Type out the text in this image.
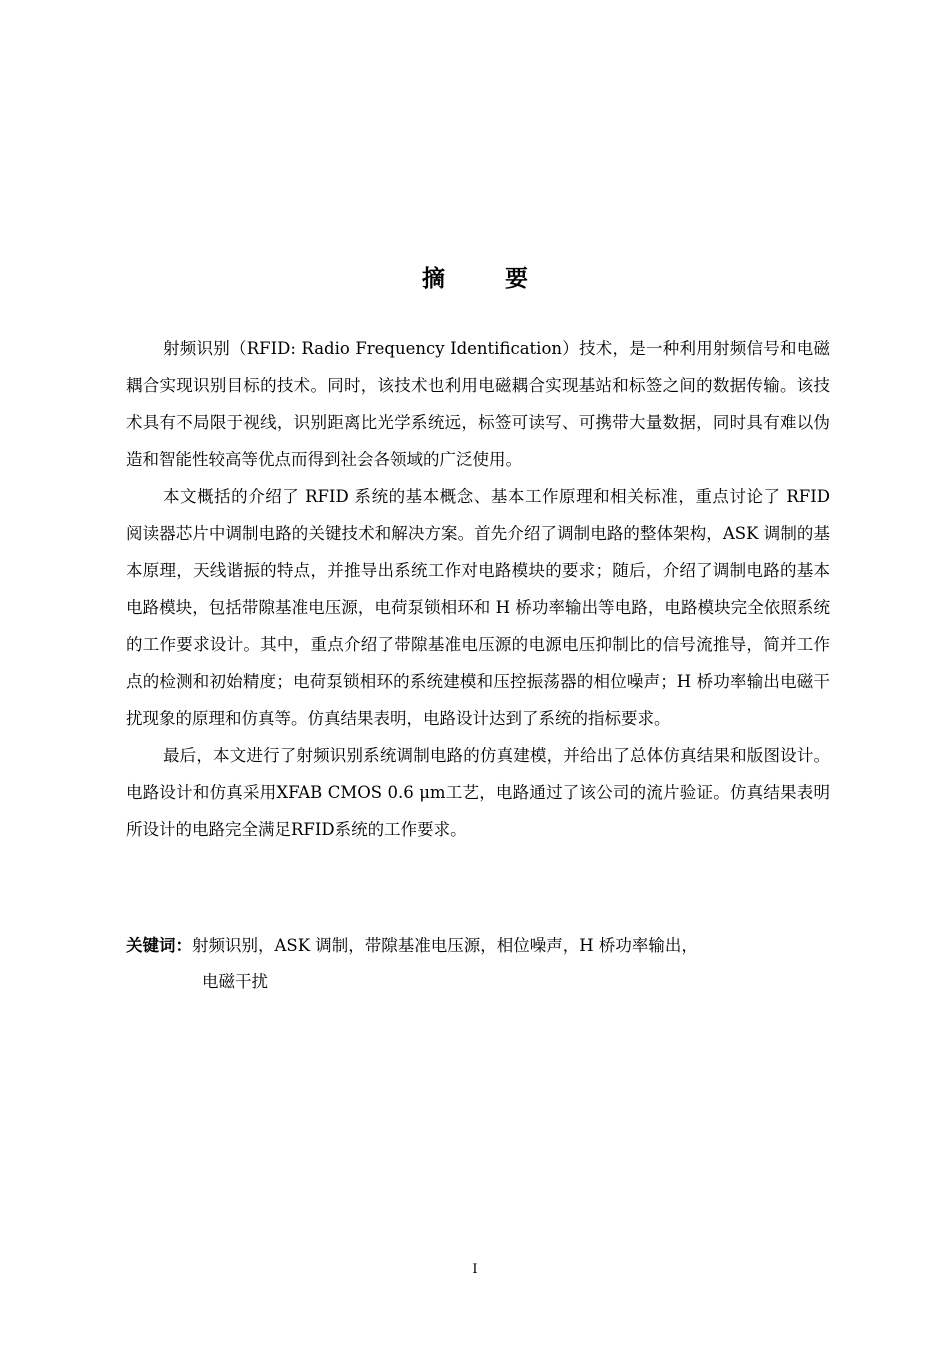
摘 要

射频识别（RFID: Radio Frequency Identification）技术，是一种利用射频信号和电磁耦合实现识别目标的技术。同时，该技术也利用电磁耦合实现基站和标签之间的数据传输。该技术具有不局限于视线，识别距离比光学系统远，标签可读写、可携带大量数据，同时具有难以伪造和智能性较高等优点而得到社会各领域的广泛使用。

本文概括的介绍了 RFID 系统的基本概念、基本工作原理和相关标准，重点讨论了 RFID 阅读器芯片中调制电路的关键技术和解决方案。首先介绍了调制电路的整体架构，ASK 调制的基本原理，天线谐振的特点，并推导出系统工作对电路模块的要求；随后，介绍了调制电路的基本电路模块，包括带隙基准电压源，电荷泵锁相环和 H 桥功率输出等电路，电路模块完全依照系统的工作要求设计。其中，重点介绍了带隙基准电压源的电源电压抑制比的信号流推导，简并工作点的检测和初始精度；电荷泵锁相环的系统建模和压控振荡器的相位噪声；H 桥功率输出电磁干扰现象的原理和仿真等。仿真结果表明，电路设计达到了系统的指标要求。

最后，本文进行了射频识别系统调制电路的仿真建模，并给出了总体仿真结果和版图设计。电路设计和仿真采用XFAB CMOS 0.6 μm工艺，电路通过了该公司的流片验证。仿真结果表明所设计的电路完全满足RFID系统的工作要求。

关键词：射频识别，ASK 调制，带隙基准电压源，相位噪声，H 桥功率输出，
电磁干扰
I
